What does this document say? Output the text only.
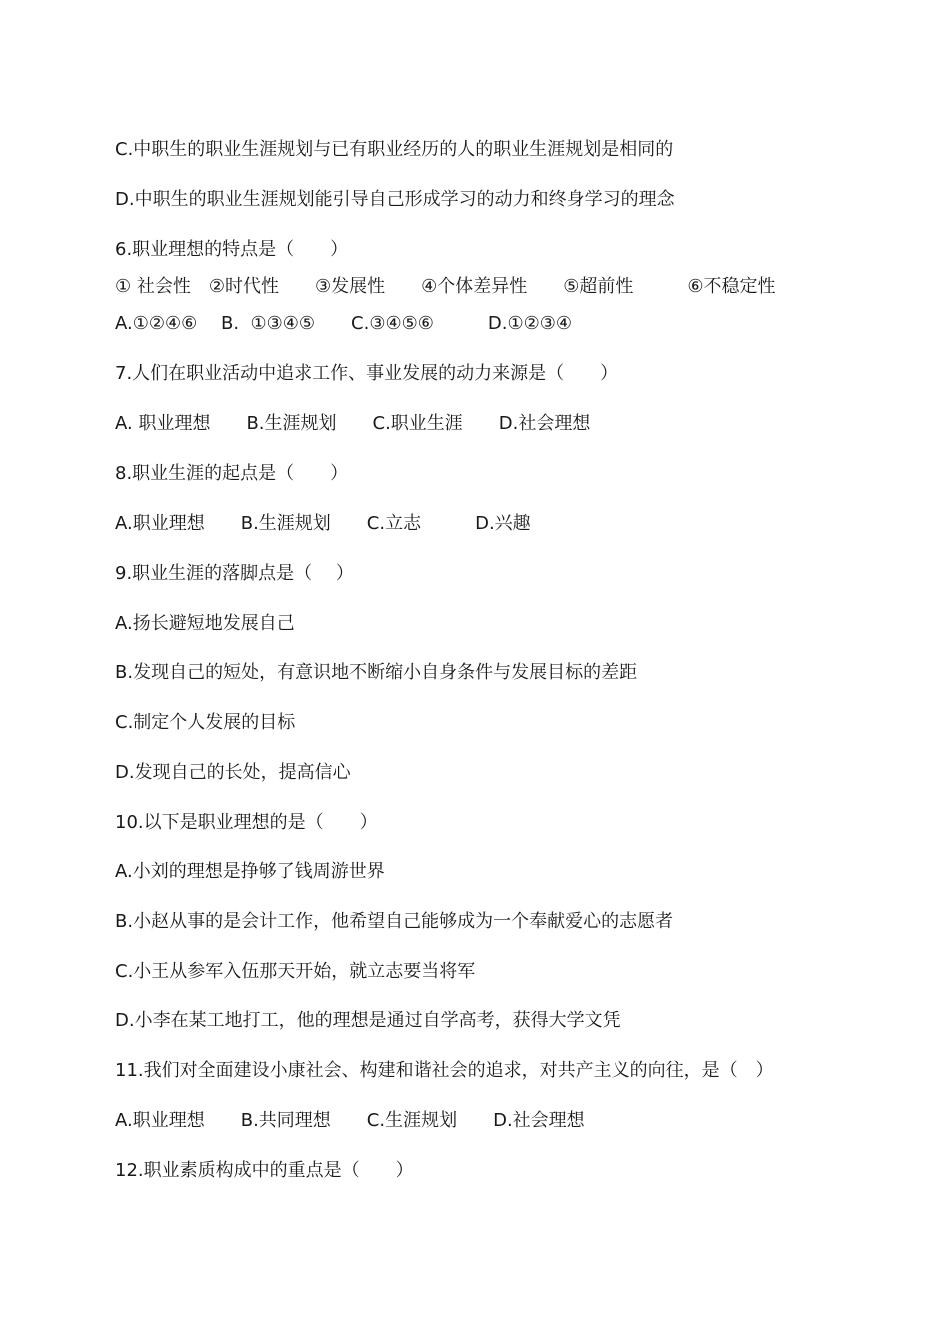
C.中职生的职业生涯规划与已有职业经历的人的职业生涯规划是相同的
D.中职生的职业生涯规划能引导自己形成学习的动力和终身学习的理念
6.职业理想的特点是（　　）
① 社会性　②时代性　　③发展性　　④个体差异性　　⑤超前性　　　⑥不稳定性
A.①②④⑥　 B.  ①③④⑤　　C.③④⑤⑥　　　D.①②③④
7.人们在职业活动中追求工作、事业发展的动力来源是（　　）
A. 职业理想　　B.生涯规划　　C.职业生涯　　D.社会理想
8.职业生涯的起点是（　　）
A.职业理想　　B.生涯规划　　C.立志　　　D.兴趣
9.职业生涯的落脚点是（　 ）
A.扬长避短地发展自己
B.发现自己的短处，有意识地不断缩小自身条件与发展目标的差距
C.制定个人发展的目标
D.发现自己的长处，提高信心
10.以下是职业理想的是（　　）
A.小刘的理想是挣够了钱周游世界
B.小赵从事的是会计工作，他希望自己能够成为一个奉献爱心的志愿者
C.小王从参军入伍那天开始，就立志要当将军
D.小李在某工地打工，他的理想是通过自学高考，获得大学文凭
11.我们对全面建设小康社会、构建和谐社会的追求，对共产主义的向往，是（　）
A.职业理想　　B.共同理想　　C.生涯规划　　D.社会理想
12.职业素质构成中的重点是（　　）
